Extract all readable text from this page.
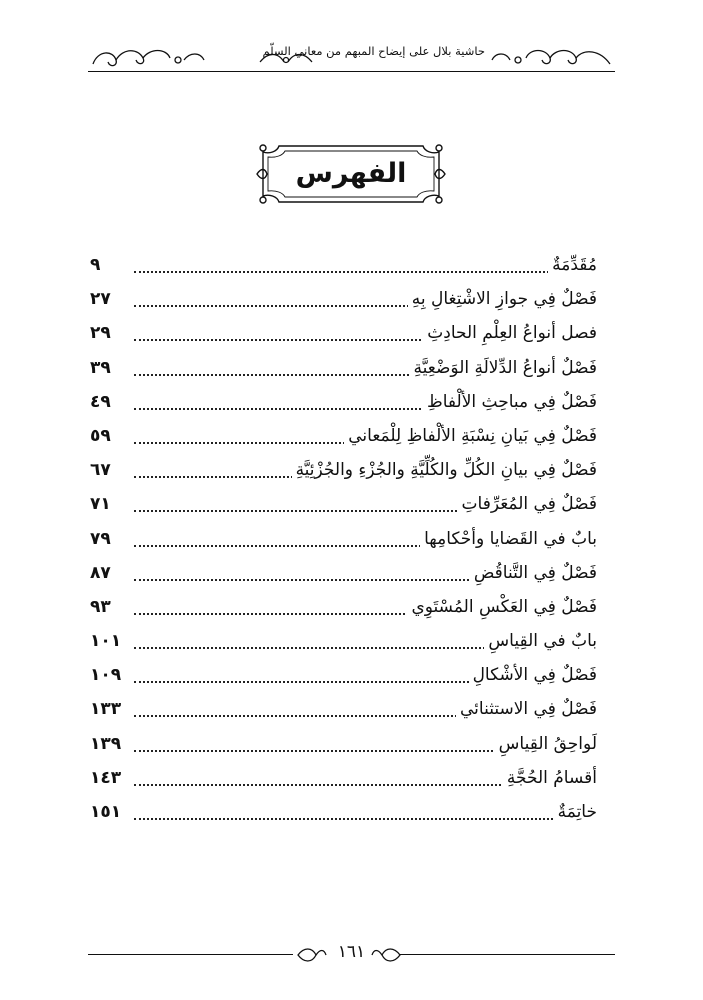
حاشية بلال على إيضاح المبهم من معاني السلّم
الفهرس
مُقَدِّمَةٌ
٩
فَصْلٌ فِي جوازِ الاشْتِغالِ بِهِ
٢٧
فصل أنواعُ العِلْمِ الحادِثِ
٢٩
فَصْلٌ أنواعُ الدِّلالَةِ الوَضْعِيَّةِ
٣٩
فَصْلٌ فِي مباحِثِ الألْفاظِ
٤٩
فَصْلٌ فِي بَيانِ نِسْبَةِ الألْفاظِ لِلْمَعاني
٥٩
فَصْلٌ فِي بيانِ الكُلِّ والكُلِّيَّةِ والجُزْءِ والجُزْئِيَّةِ
٦٧
فَصْلٌ فِي المُعَرِّفاتِ
٧١
بابٌ في القَضايا وأحْكامِها
٧٩
فَصْلٌ فِي التَّناقُضِ
٨٧
فَصْلٌ فِي العَكْسِ المُسْتَوِي
٩٣
بابٌ في القِياسِ
١٠١
فَصْلٌ فِي الأشْكالِ
١٠٩
فَصْلٌ فِي الاستثنائي
١٣٣
لَواحِقُ القِياسِ
١٣٩
أقسامُ الحُجَّةِ
١٤٣
خاتِمَةٌ
١٥١
١٦١
